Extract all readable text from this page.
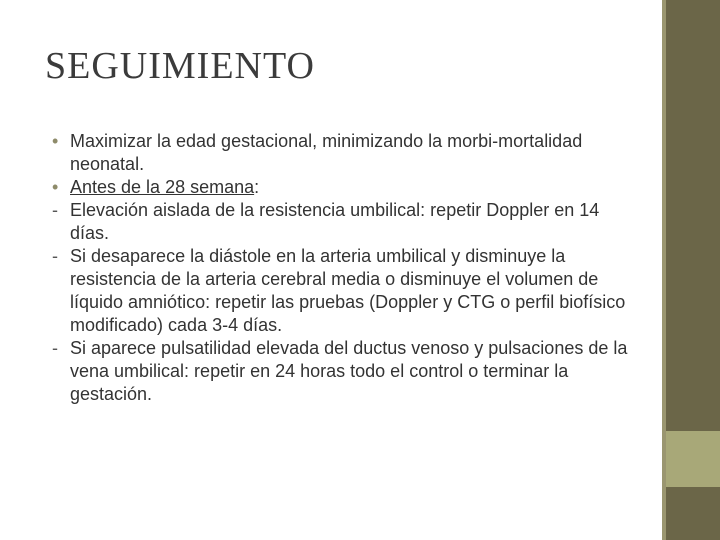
SEGUIMIENTO
• Maximizar la edad gestacional, minimizando la morbi-mortalidad neonatal.
• Antes de la 28 semana:
- Elevación aislada de la resistencia umbilical: repetir Doppler en 14 días.
- Si desaparece la diástole en la arteria umbilical y disminuye la resistencia de la arteria cerebral media o disminuye el volumen de líquido amniótico: repetir las pruebas (Doppler y CTG o perfil biofísico modificado) cada 3-4 días.
- Si aparece pulsatilidad elevada del ductus venoso y pulsaciones de la vena umbilical: repetir en 24 horas todo el control o terminar la gestación.
